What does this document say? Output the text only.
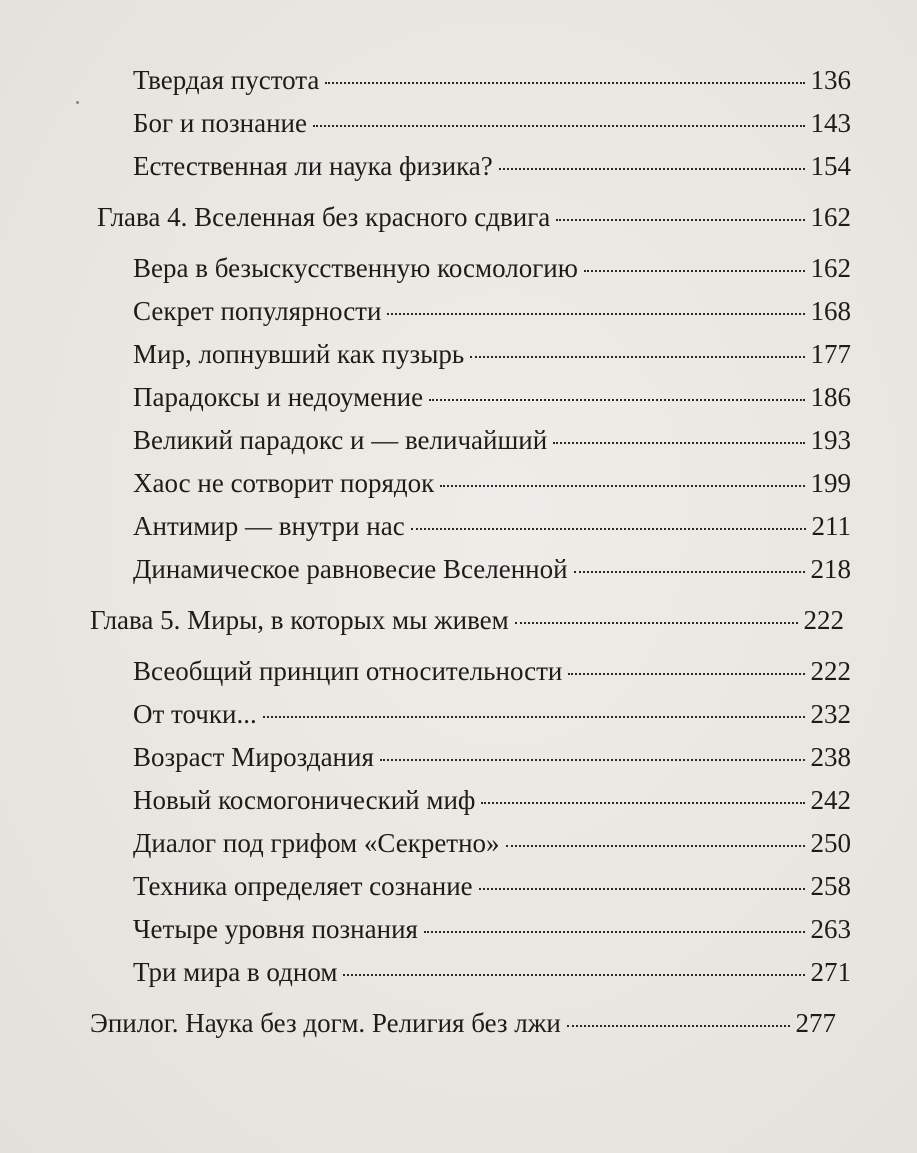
Твердая пустота	136
Бог и познание	143
Естественная ли наука физика?	154
Глава 4. Вселенная без красного сдвига	162
Вера в безыскусственную космологию	162
Секрет популярности	168
Мир, лопнувший как пузырь	177
Парадоксы и недоумение	186
Великий парадокс и — величайший	193
Хаос не сотворит порядок	199
Антимир — внутри нас	211
Динамическое равновесие Вселенной	218
Глава 5. Миры, в которых мы живем	222
Всеобщий принцип относительности	222
От точки...	232
Возраст Мироздания	238
Новый космогонический миф	242
Диалог под грифом «Секретно»	250
Техника определяет сознание	258
Четыре уровня познания	263
Три мира в одном	271
Эпилог. Наука без догм. Религия без лжи	277
